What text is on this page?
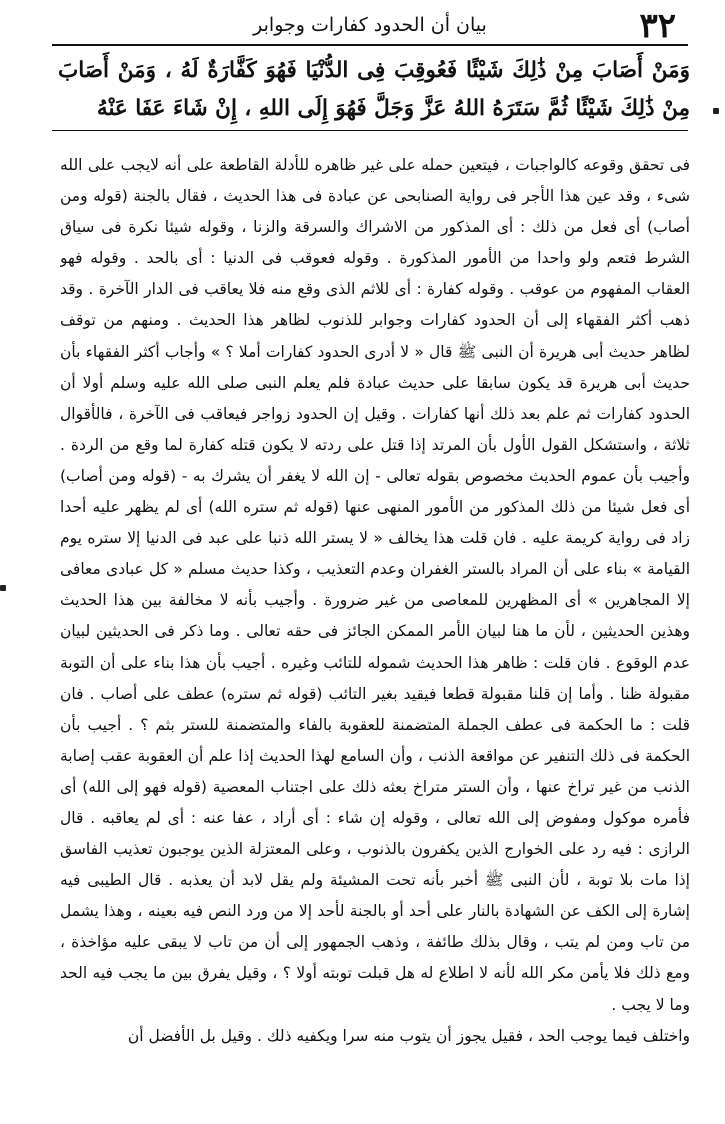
٣٢
بيان أن الحدود كفارات وجوابر
وَمَنْ أَصَابَ مِنْ ذَٰلِكَ شَيْئًا فَعُوقِبَ فِى الدُّنْيَا فَهُوَ كَفَّارَةٌ لَهُ ، وَمَنْ أَصَابَ مِنْ ذَٰلِكَ شَيْئًا ثُمَّ سَتَرَهُ اللهُ عَزَّ وَجَلَّ فَهُوَ إِلَى اللهِ ، إِنْ شَاءَ عَفَا عَنْهُ

فى تحقق وقوعه كالواجبات ، فيتعين حمله على غير ظاهره للأدلة القاطعة على أنه لايجب على الله شىء ، وقد عين هذا الأجر فى رواية الصنابحى عن عبادة فى هذا الحديث ، فقال بالجنة (قوله ومن أصاب) أى فعل من ذلك : أى المذكور من الاشراك والسرقة والزنا ، وقوله شيئا نكرة فى سياق الشرط فتعم ولو واحدا من الأمور المذكورة . وقوله فعوقب فى الدنيا : أى بالحد . وقوله فهو العقاب المفهوم من عوقب . وقوله كفارة : أى للاثم الذى وقع منه فلا يعاقب فى الدار الآخرة . وقد ذهب أكثر الفقهاء إلى أن الحدود كفارات وجوابر للذنوب لظاهر هذا الحديث . ومنهم من توقف لظاهر حديث أبى هريرة أن النبى ﷺ قال « لا أدرى الحدود كفارات أملا ؟ » وأجاب أكثر الفقهاء بأن حديث أبى هريرة قد يكون سابقا على حديث عبادة فلم يعلم النبى صلى الله عليه وسلم أولا أن الحدود كفارات ثم علم بعد ذلك أنها كفارات . وقيل إن الحدود زواجر فيعاقب فى الآخرة ، فالأقوال ثلاثة ، واستشكل القول الأول بأن المرتد إذا قتل على ردته لا يكون قتله كفارة لما وقع من الردة . وأجيب بأن عموم الحديث مخصوص بقوله تعالى - إن الله لا يغفر أن يشرك به - (قوله ومن أصاب) أى فعل شيئا من ذلك المذكور من الأمور المنهى عنها (قوله ثم ستره الله) أى لم يظهر عليه أحدا زاد فى رواية كريمة عليه . فان قلت هذا يخالف « لا يستر الله ذنبا على عبد فى الدنيا إلا ستره يوم القيامة » بناء على أن المراد بالستر الغفران وعدم التعذيب ، وكذا حديث مسلم « كل عبادى معافى إلا المجاهرين » أى المظهرين للمعاصى من غير ضرورة . وأجيب بأنه لا مخالفة بين هذا الحديث وهذين الحديثين ، لأن ما هنا لبيان الأمر الممكن الجائز فى حقه تعالى . وما ذكر فى الحديثين لبيان عدم الوقوع . فان قلت : ظاهر هذا الحديث شموله للتائب وغيره . أجيب بأن هذا بناء على أن التوبة مقبولة ظنا . وأما إن قلنا مقبولة قطعا فيقيد بغير التائب (قوله ثم ستره) عطف على أصاب . فان قلت : ما الحكمة فى عطف الجملة المتضمنة للعقوبة بالفاء والمتضمنة للستر بثم ؟ . أجيب بأن الحكمة فى ذلك التنفير عن مواقعة الذنب ، وأن السامع لهذا الحديث إذا علم أن العقوبة عقب إصابة الذنب من غير تراخ عنها ، وأن الستر متراخ بعثه ذلك على اجتناب المعصية (قوله فهو إلى الله) أى فأمره موكول ومفوض إلى الله تعالى ، وقوله إن شاء : أى أراد ، عفا عنه : أى لم يعاقبه . قال الرازى : فيه رد على الخوارج الذين يكفرون بالذنوب ، وعلى المعتزلة الذين يوجبون تعذيب الفاسق إذا مات بلا توبة ، لأن النبى ﷺ أخبر بأنه تحت المشيئة ولم يقل لابد أن يعذبه . قال الطيبى فيه إشارة إلى الكف عن الشهادة بالنار على أحد أو بالجنة لأحد إلا من ورد النص فيه بعينه ، وهذا يشمل من تاب ومن لم يتب ، وقال بذلك طائفة ، وذهب الجمهور إلى أن من تاب لا يبقى عليه مؤاخذة ، ومع ذلك فلا يأمن مكر الله لأنه لا اطلاع له هل قبلت توبته أولا ؟ ، وقيل يفرق بين ما يجب فيه الحد وما لا يجب .

واختلف فيما يوجب الحد ، فقيل يجوز أن يتوب منه سرا ويكفيه ذلك . وقيل بل الأفضل أن
